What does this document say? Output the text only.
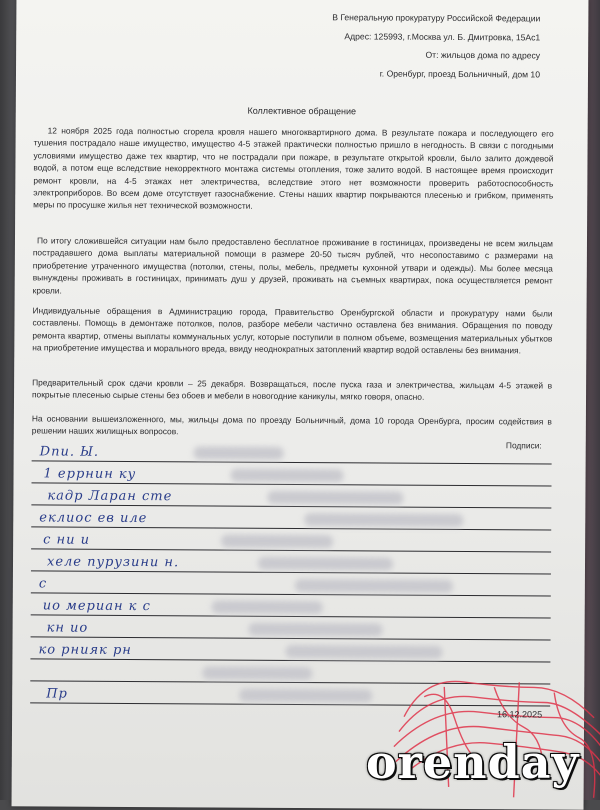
В Генеральную прокуратуру Российской Федерации
Адрес: 125993, г.Москва ул. Б. Дмитровка, 15Ас1
От: жильцов дома по адресу
г. Оренбург, проезд Больничный, дом 10
Коллективное обращение

12 ноября 2025 года полностью сгорела кровля нашего многоквартирного дома. В результате пожара и последующего его тушения пострадало наше имущество, имущество 4-5 этажей практически полностью пришло в негодность. В связи с погодными условиями имущество даже тех квартир, что не пострадали при пожаре, в результате открытой кровли, было залито дождевой водой, а потом еще вследствие некорректного монтажа системы отопления, тоже залито водой. В настоящее время происходит ремонт кровли, на 4-5 этажах нет электричества, вследствие этого нет возможности проверить работоспособность электроприборов. Во всем доме отсутствует газоснабжение. Стены наших квартир покрываются плесенью и грибком, применять меры по просушке жилья нет технической возможности.

По итогу сложившейся ситуации нам было предоставлено бесплатное проживание в гостиницах, произведены не всем жильцам пострадавшего дома выплаты материальной помощи в размере 20-50 тысяч рублей, что несопоставимо с размерами на приобретение утраченного имущества (потолки, стены, полы, мебель, предметы кухонной утвари и одежды). Мы более месяца вынуждены проживать в гостиницах, принимать душ у друзей, проживать на съемных квартирах, пока осуществляется ремонт кровли.

Индивидуальные обращения в Администрацию города, Правительство Оренбургской области и прокуратуру нами были составлены. Помощь в демонтаже потолков, полов, разборе мебели частично оставлена без внимания. Обращения по поводу ремонта квартир, отмены выплаты коммунальных услуг, которые поступили в полном объеме, возмещения материальных убытков на приобретение имущества и морального вреда, ввиду неоднократных затоплений квартир водой оставлены без внимания.

Предварительный срок сдачи кровли – 25 декабря. Возвращаться, после пуска газа и электричества, жильцам 4-5 этажей в покрытые плесенью сырые стены без обоев и мебели в новогодние каникулы, мягко говоря, опасно.

На основании вышеизложенного, мы, жильцы дома по проезду Больничный, дома 10 города Оренбурга, просим содействия в решении наших жилищных вопросов.

Подписи:
Dnu. Ы.
1 еррнин ку
кадр Ларан сте
еклиос ев иле
с ни и
хеле пурузини н.
с
ио мериан к с
кн ио
ко рнияк рн
Пр
16.12.2025
orenday
